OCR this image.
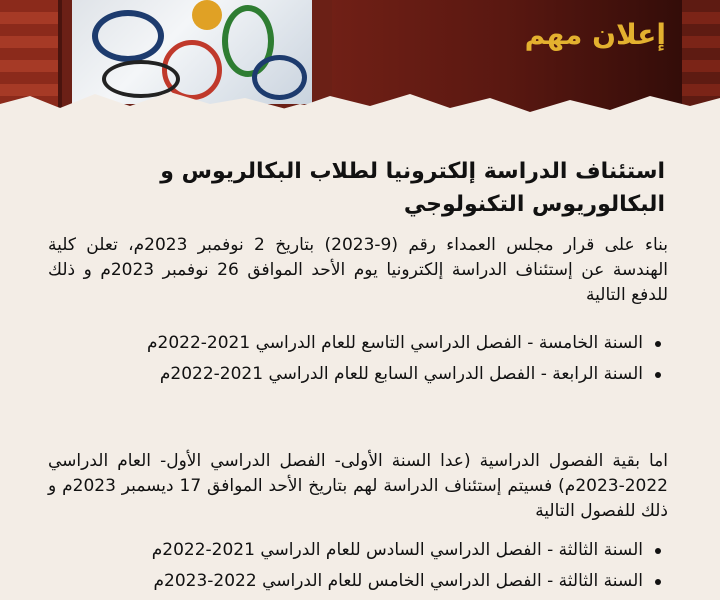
إعلان مهم
استئناف الدراسة إلكترونيا لطلاب البكالريوس و البكالوريوس التكنولوجي
بناء على قرار مجلس العمداء رقم (9-2023) بتاريخ 2 نوفمبر 2023م، تعلن كلية الهندسة عن إستئناف الدراسة إلكترونيا يوم الأحد الموافق 26 نوفمبر 2023م و ذلك للدفع التالية
السنة الخامسة - الفصل الدراسي التاسع للعام الدراسي 2021-2022م
السنة الرابعة - الفصل الدراسي السابع للعام الدراسي 2021-2022م
اما بقية الفصول الدراسية (عدا السنة الأولى- الفصل الدراسي الأول- العام الدراسي 2022-2023م) فسيتم إستئناف الدراسة لهم بتاريخ الأحد الموافق 17 ديسمبر 2023م و ذلك للفصول التالية
السنة الثالثة - الفصل الدراسي السادس للعام الدراسي 2021-2022م
السنة الثالثة - الفصل الدراسي الخامس للعام الدراسي 2022-2023م
